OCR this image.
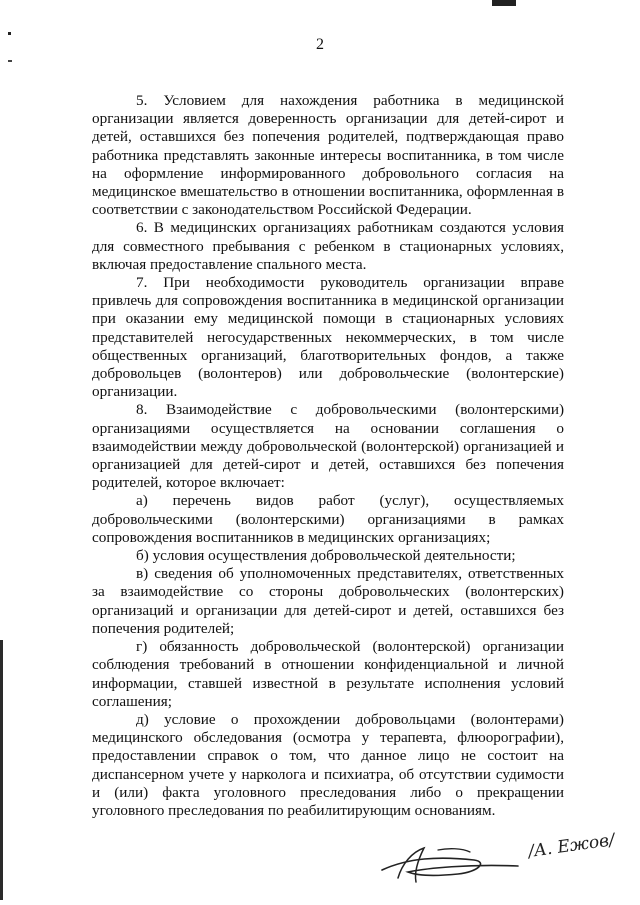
2

5. Условием для нахождения работника в медицинской организации является доверенность организации для детей-сирот и детей, оставшихся без попечения родителей, подтверждающая право работника представлять законные интересы воспитанника, в том числе на оформление информированного добровольного согласия на медицинское вмешательство в отношении воспитанника, оформленная в соответствии с законодательством Российской Федерации.

6. В медицинских организациях работникам создаются условия для совместного пребывания с ребенком в стационарных условиях, включая предоставление спального места.

7. При необходимости руководитель организации вправе привлечь для сопровождения воспитанника в медицинской организации при оказании ему медицинской помощи в стационарных условиях представителей негосударственных некоммерческих, в том числе общественных организаций, благотворительных фондов, а также добровольцев (волонтеров) или добровольческие (волонтерские) организации.

8. Взаимодействие с добровольческими (волонтерскими) организациями осуществляется на основании соглашения о взаимодействии между добровольческой (волонтерской) организацией и организацией для детей-сирот и детей, оставшихся без попечения родителей, которое включает:

а) перечень видов работ (услуг), осуществляемых добровольческими (волонтерскими) организациями в рамках сопровождения воспитанников в медицинских организациях;

б) условия осуществления добровольческой деятельности;

в) сведения об уполномоченных представителях, ответственных за взаимодействие со стороны добровольческих (волонтерских) организаций и организации для детей-сирот и детей, оставшихся без попечения родителей;

г) обязанность добровольческой (волонтерской) организации соблюдения требований в отношении конфиденциальной и личной информации, ставшей известной в результате исполнения условий соглашения;

д) условие о прохождении добровольцами (волонтерами) медицинского обследования (осмотра у терапевта, флюорографии), предоставлении справок о том, что данное лицо не состоит на диспансерном учете у нарколога и психиатра, об отсутствии судимости и (или) факта уголовного преследования либо о прекращении уголовного преследования по реабилитирующим основаниям.

/А. Ежов/
